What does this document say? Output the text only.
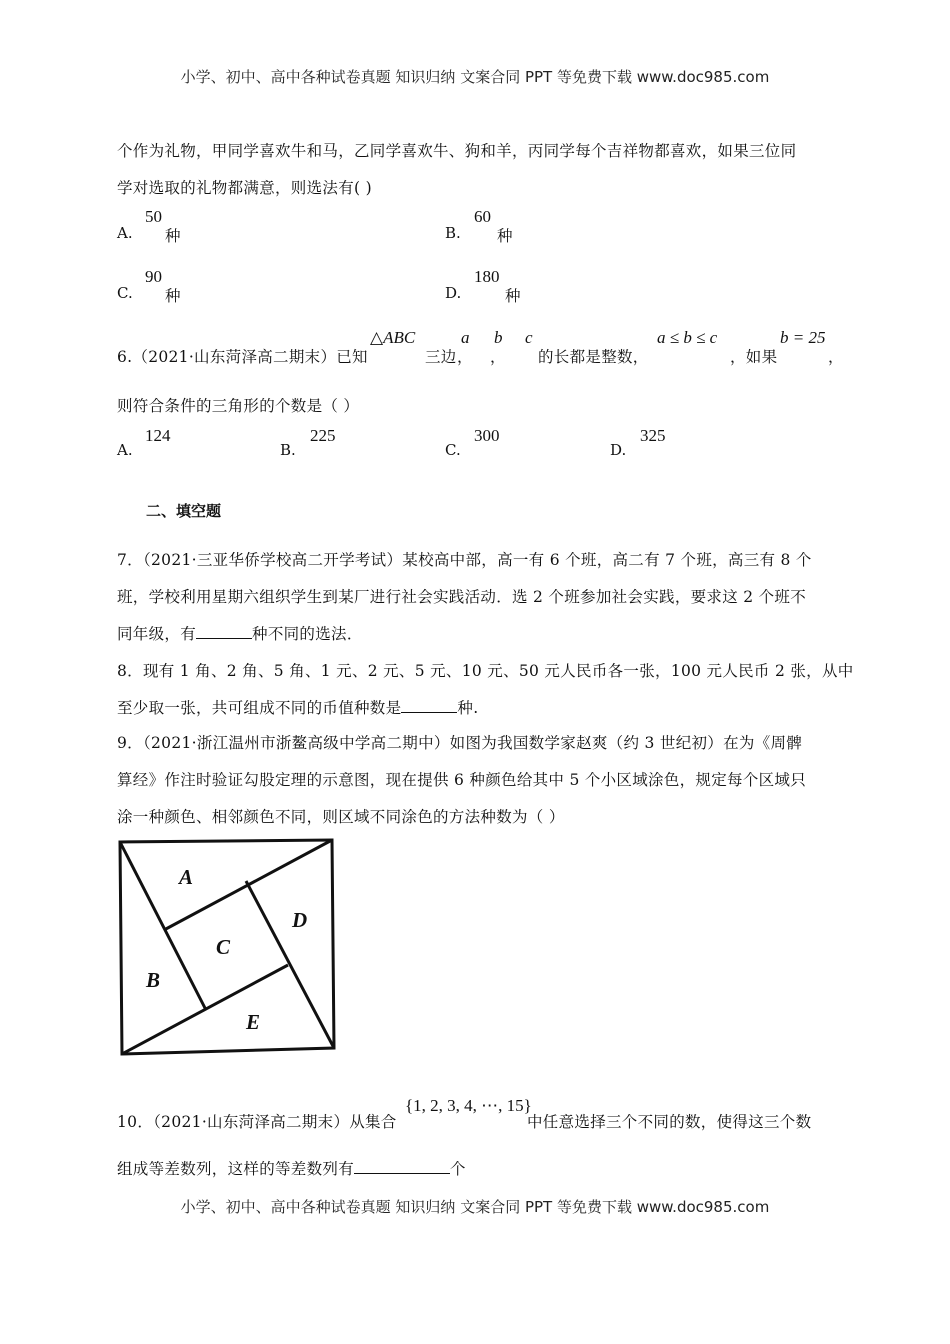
小学、初中、高中各种试卷真题 知识归纳 文案合同 PPT 等免费下载 www.doc985.com
个作为礼物，甲同学喜欢牛和马，乙同学喜欢牛、狗和羊，丙同学每个吉祥物都喜欢，如果三位同
学对选取的礼物都满意，则选法有( )
A.
50
种	B.
60
种
C.
90
种	D.
180
种
6.（2021·山东菏泽高二期末）已知
△ABC
三边
a
，
b
，
c
的长都是整数，
a ≤ b ≤ c
，如果
b = 25
，
则符合条件的三角形的个数是（ ）
A.
124
B.
225
C.
300
D.
325
二、填空题
7．（2021·三亚华侨学校高二开学考试）某校高中部，高一有 6 个班，高二有 7 个班，高三有 8 个
班，学校利用星期六组织学生到某厂进行社会实践活动．选 2 个班参加社会实践，要求这 2 个班不
同年级，有	种不同的选法．
8．现有 1 角、2 角、5 角、1 元、2 元、5 元、10 元、50 元人民币各一张，100 元人民币 2 张，从中
至少取一张，共可组成不同的币值种数是	种.
9．（2021·浙江温州市浙鳌高级中学高二期中）如图为我国数学家赵爽（约 3 世纪初）在为《周髀
算经》作注时验证勾股定理的示意图，现在提供 6 种颜色给其中 5 个小区域涂色，规定每个区域只
涂一种颜色、相邻颜色不同，则区域不同涂色的方法种数为（ ）
A
D
C
B
E
10．（2021·山东菏泽高二期末）从集合
{1, 2, 3, 4, ⋯, 15}
中任意选择三个不同的数，使得这三个数
组成等差数列，这样的等差数列有	个
小学、初中、高中各种试卷真题 知识归纳 文案合同 PPT 等免费下载 www.doc985.com
